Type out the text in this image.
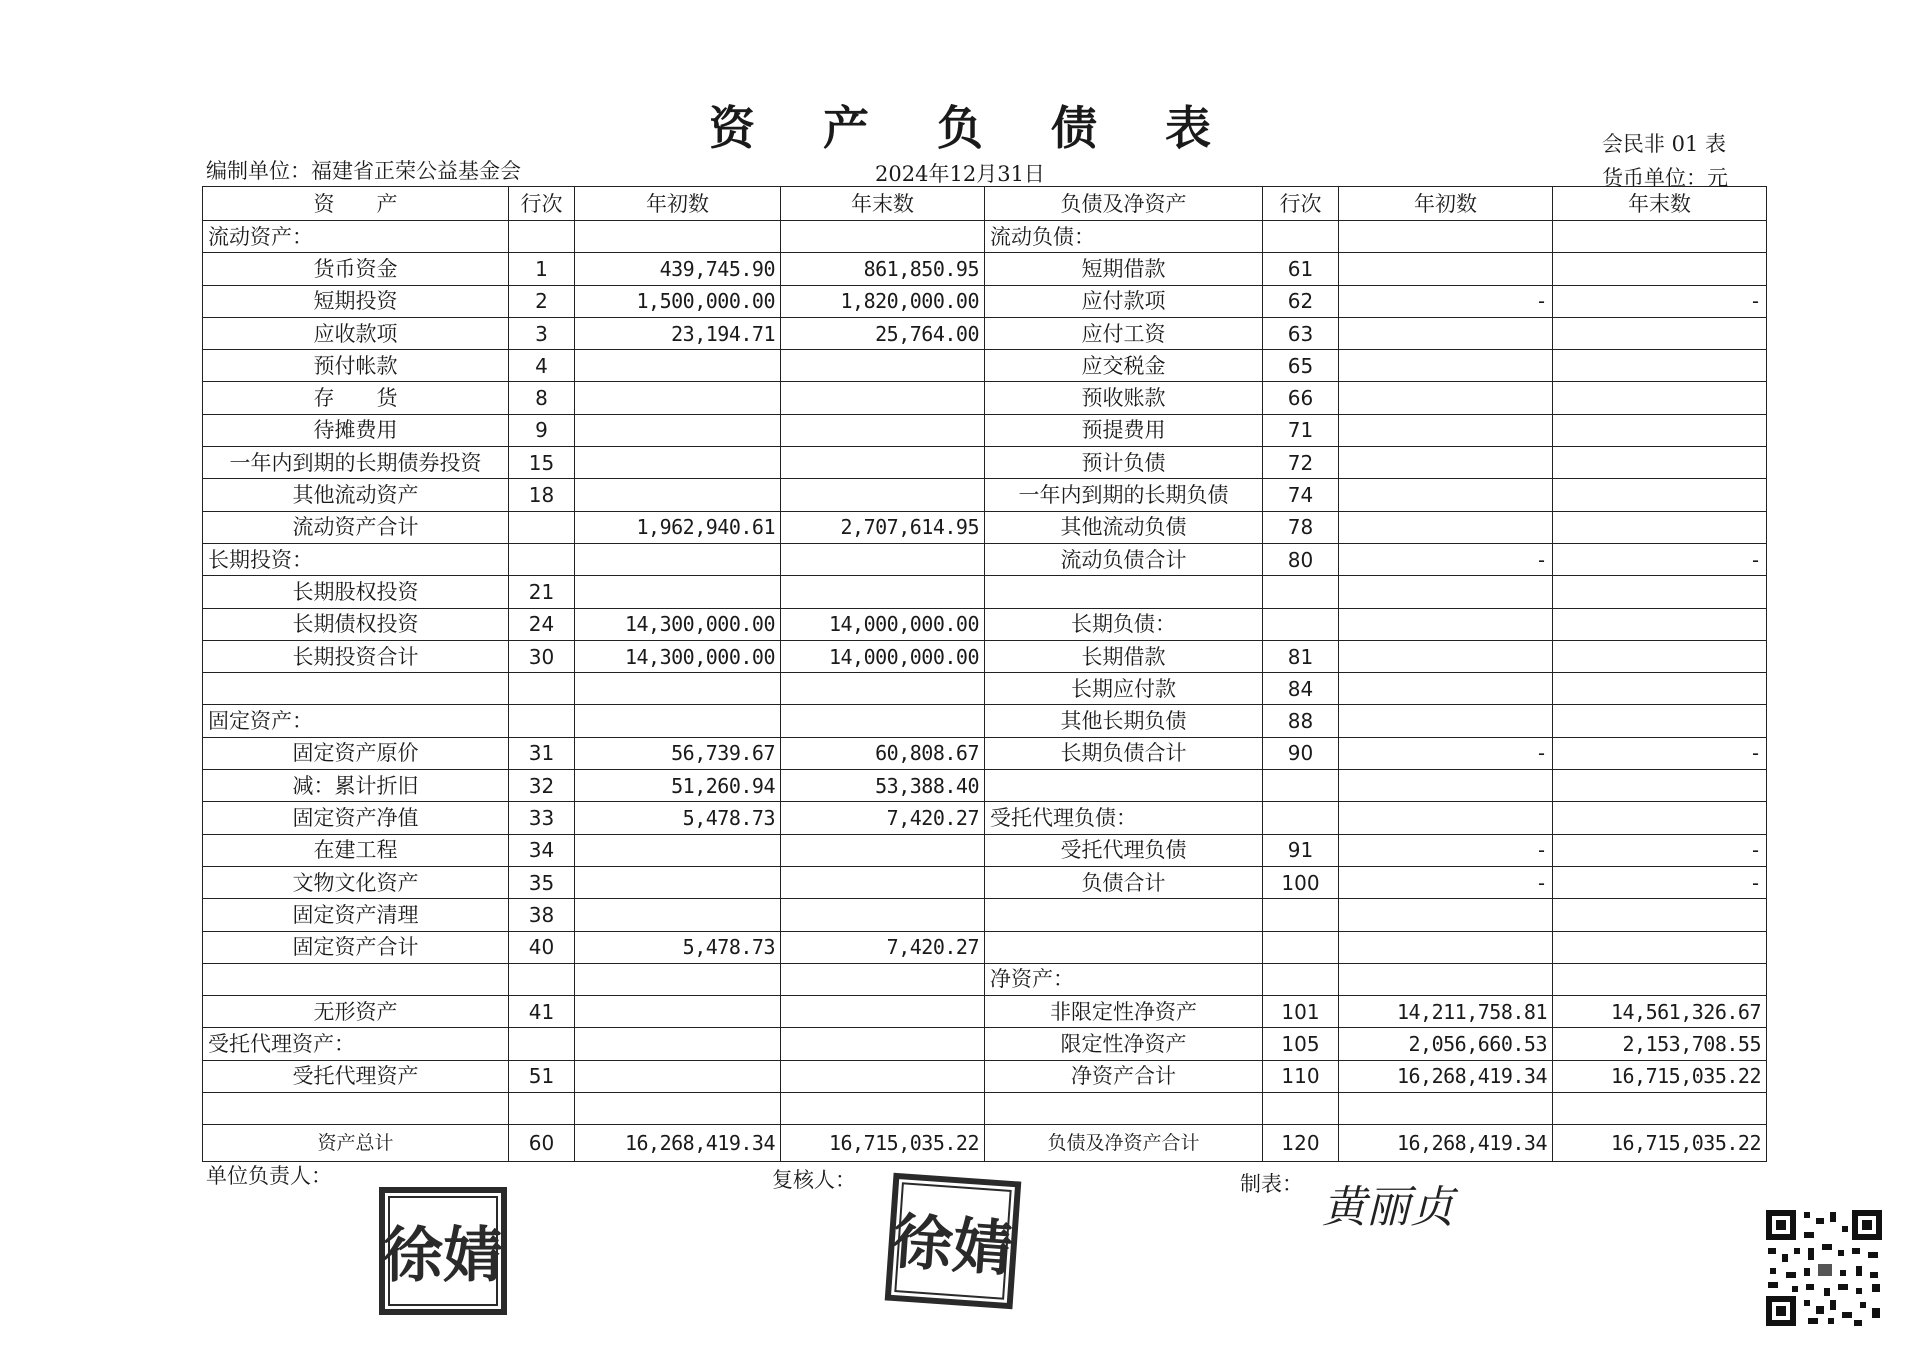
资 产 负 债 表	会民非 01 表
编制单位：福建省正荣公益基金会	2024年12月31日	货币单位：元
资　　产	行次	年初数	年末数	负债及净资产	行次	年初数	年末数
流动资产：				流动负债：			
货币资金	1	439,745.90	861,850.95	短期借款	61		
短期投资	2	1,500,000.00	1,820,000.00	应付款项	62	-	-
应收款项	3	23,194.71	25,764.00	应付工资	63		
预付帐款	4			应交税金	65		
存　　货	8			预收账款	66		
待摊费用	9			预提费用	71		
一年内到期的长期债券投资	15			预计负债	72		
其他流动资产	18			一年内到期的长期负债	74		
流动资产合计		1,962,940.61	2,707,614.95	其他流动负债	78		
长期投资：				流动负债合计	80	-	-
长期股权投资	21						
长期债权投资	24	14,300,000.00	14,000,000.00	长期负债：			
长期投资合计	30	14,300,000.00	14,000,000.00	长期借款	81		
				长期应付款	84		
固定资产：				其他长期负债	88		
固定资产原价	31	56,739.67	60,808.67	长期负债合计	90	-	-
减：累计折旧	32	51,260.94	53,388.40				
固定资产净值	33	5,478.73	7,420.27	受托代理负债：			
在建工程	34			受托代理负债	91	-	-
文物文化资产	35			负债合计	100	-	-
固定资产清理	38						
固定资产合计	40	5,478.73	7,420.27				
				净资产：			
无形资产	41			非限定性净资产	101	14,211,758.81	14,561,326.67
受托代理资产：				限定性净资产	105	2,056,660.53	2,153,708.55
受托代理资产	51			净资产合计	110	16,268,419.34	16,715,035.22

资产总计	60	16,268,419.34	16,715,035.22	负债及净资产合计	120	16,268,419.34	16,715,035.22
单位负责人：	复核人：	制表：
徐婧	徐婧	黄丽贞
